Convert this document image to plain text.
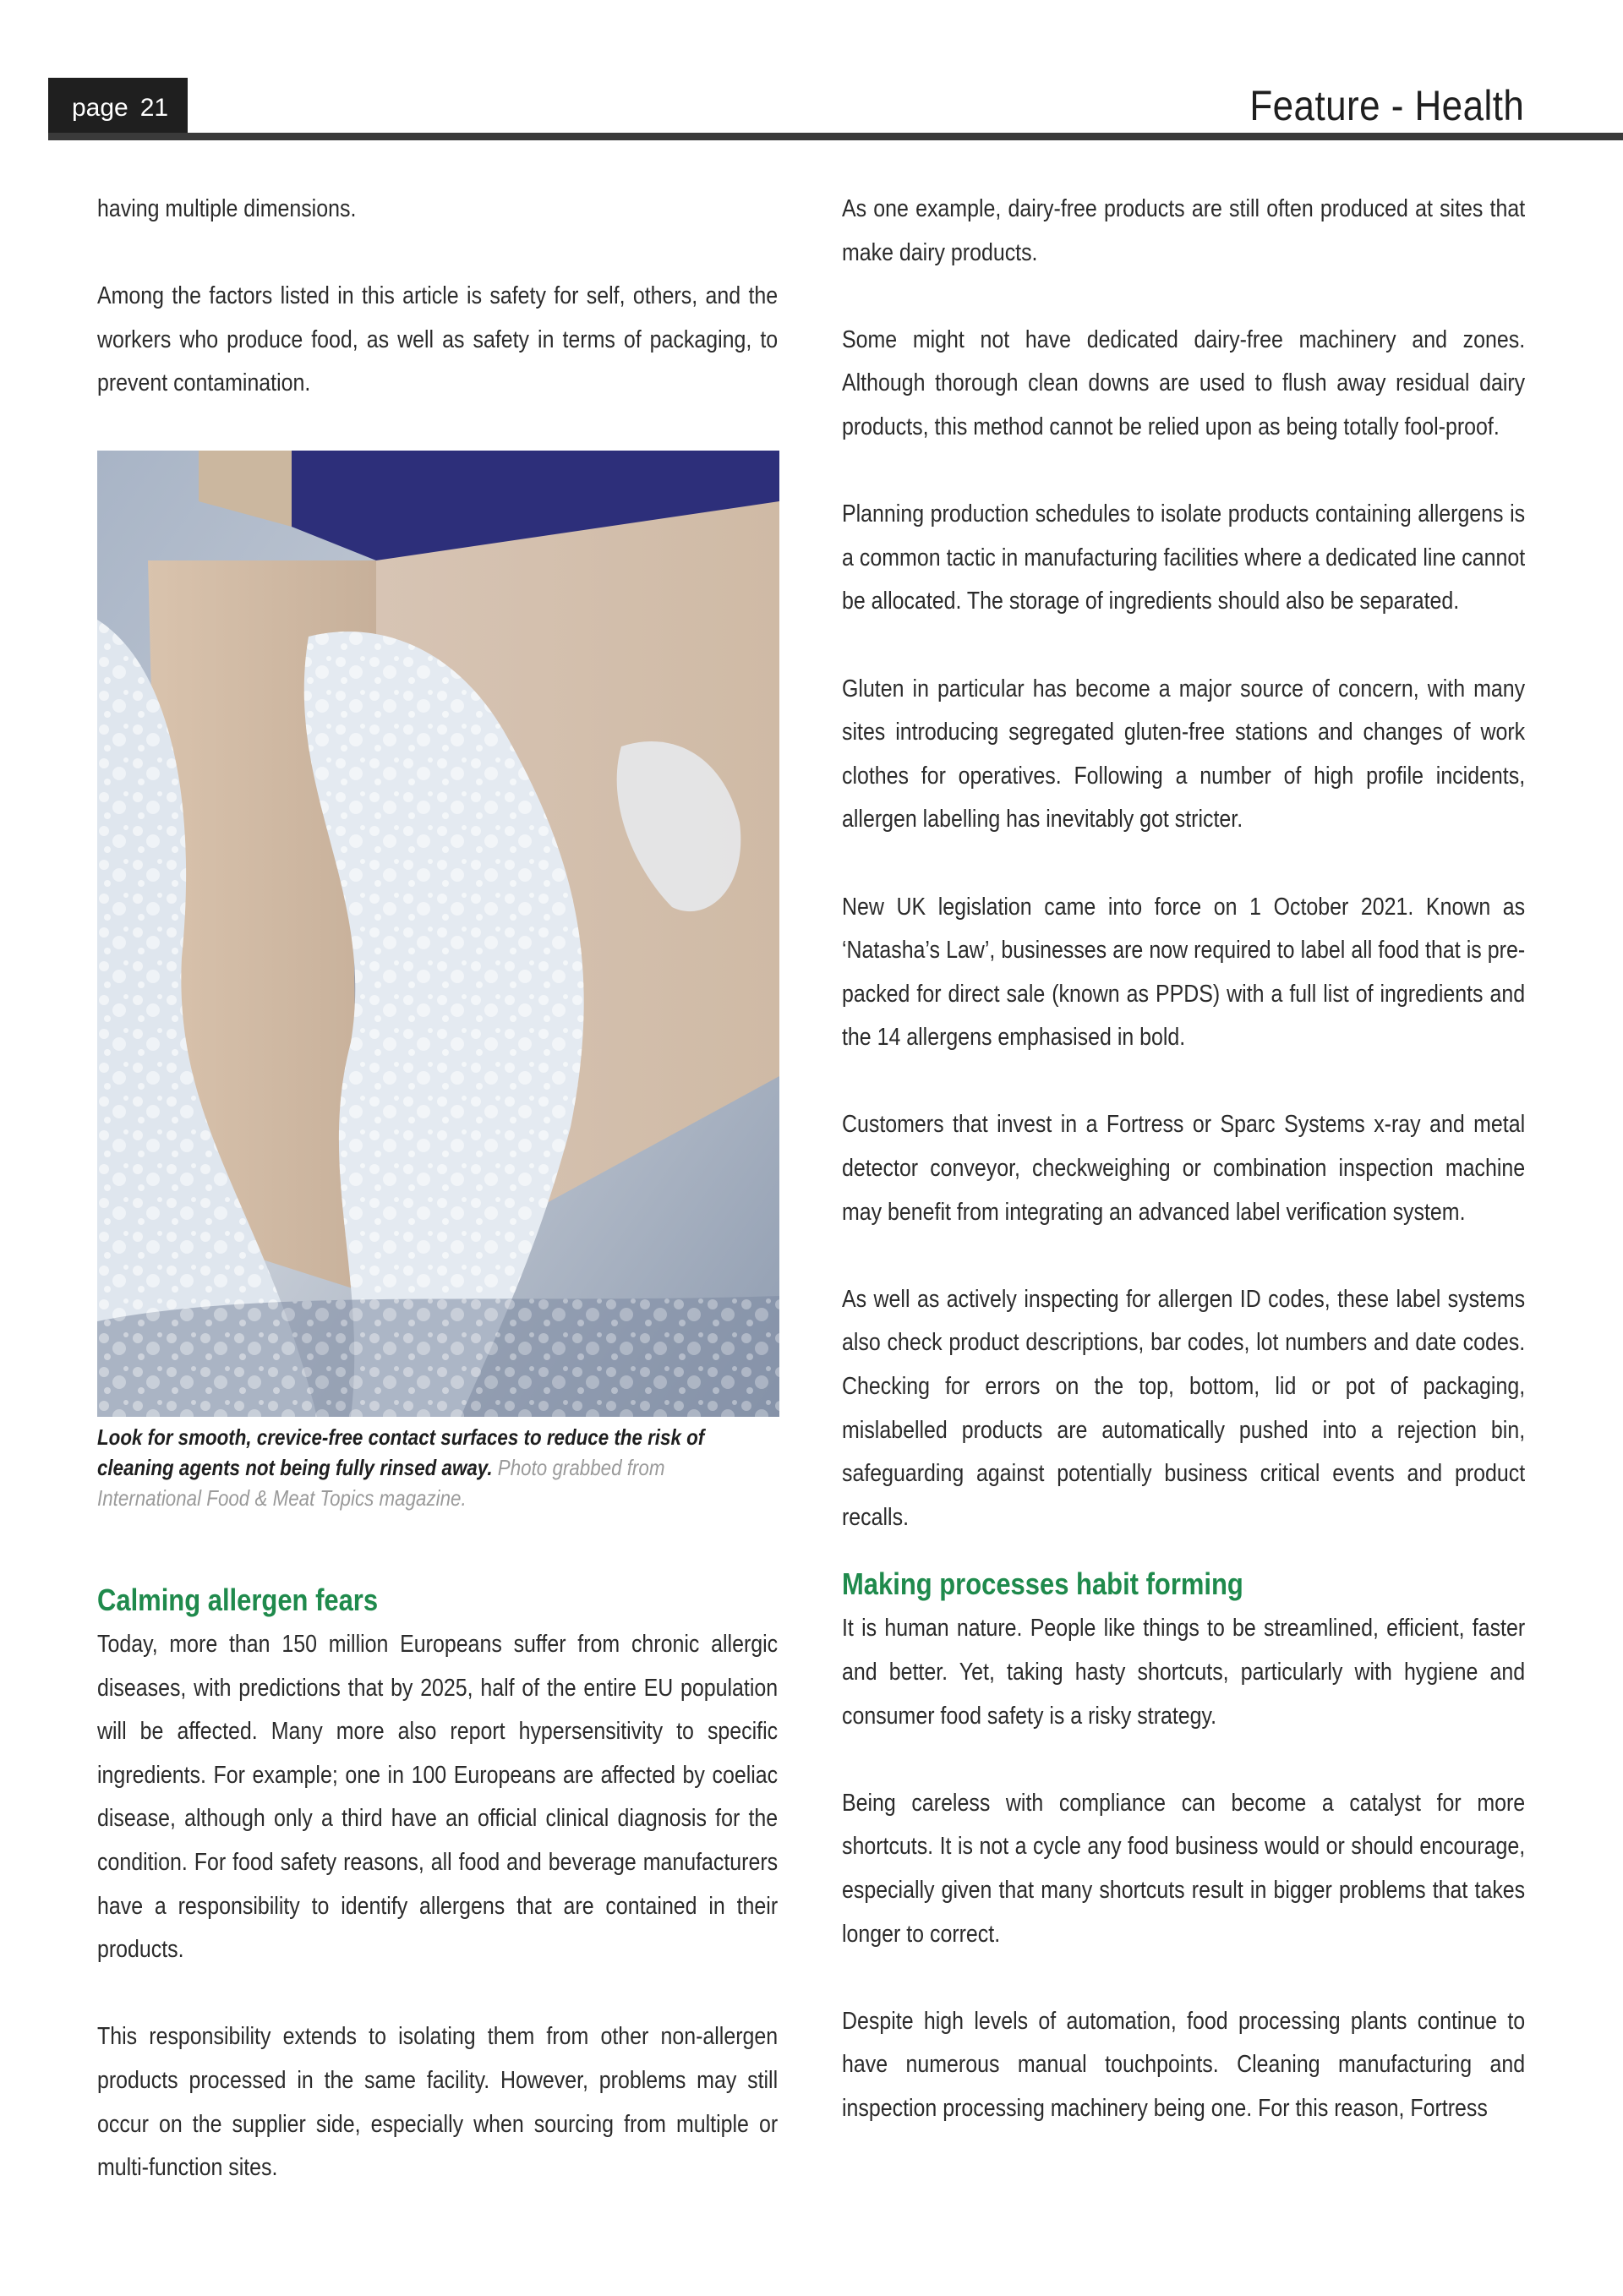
page 21	Feature - Health

having multiple dimensions.

Among the factors listed in this article is safety for self, others, and the workers who produce food, as well as safety in terms of packaging, to prevent contamination.

Look for smooth, crevice-free contact surfaces to reduce the risk of cleaning agents not being fully rinsed away. Photo grabbed from International Food & Meat Topics magazine.
Calming allergen fears

Today, more than 150 million Europeans suffer from chronic allergic diseases, with predictions that by 2025, half of the entire EU population will be affected. Many more also report hypersensitivity to specific ingredients. For example; one in 100 Europeans are affected by coeliac disease, although only a third have an official clinical diagnosis for the condition. For food safety reasons, all food and beverage manufacturers have a responsibility to identify allergens that are contained in their products.

This responsibility extends to isolating them from other non-allergen products processed in the same facility. However, problems may still occur on the supplier side, especially when sourcing from multiple or multi-function sites.

As one example, dairy-free products are still often produced at sites that make dairy products.

Some might not have dedicated dairy-free machinery and zones. Although thorough clean downs are used to flush away residual dairy products, this method cannot be relied upon as being totally fool-proof.

Planning production schedules to isolate products containing allergens is a common tactic in manufacturing facilities where a dedicated line cannot be allocated. The storage of ingredients should also be separated.

Gluten in particular has become a major source of concern, with many sites introducing segregated gluten-free stations and changes of work clothes for operatives. Following a number of high profile incidents, allergen labelling has inevitably got stricter.

New UK legislation came into force on 1 October 2021. Known as ‘Natasha’s Law’, businesses are now required to label all food that is pre-packed for direct sale (known as PPDS) with a full list of ingredients and the 14 allergens emphasised in bold.

Customers that invest in a Fortress or Sparc Systems x-ray and metal detector conveyor, checkweighing or combination inspection machine may benefit from integrating an advanced label verification system.

As well as actively inspecting for allergen ID codes, these label systems also check product descriptions, bar codes, lot numbers and date codes. Checking for errors on the top, bottom, lid or pot of packaging, mislabelled products are automatically pushed into a rejection bin, safeguarding against potentially business critical events and product recalls.

Making processes habit forming

It is human nature. People like things to be streamlined, efficient, faster and better. Yet, taking hasty shortcuts, particularly with hygiene and consumer food safety is a risky strategy.

Being careless with compliance can become a catalyst for more shortcuts. It is not a cycle any food business would or should encourage, especially given that many shortcuts result in bigger problems that takes longer to correct.

Despite high levels of automation, food processing plants continue to have numerous manual touchpoints. Cleaning manufacturing and inspection processing machinery being one. For this reason, Fortress
